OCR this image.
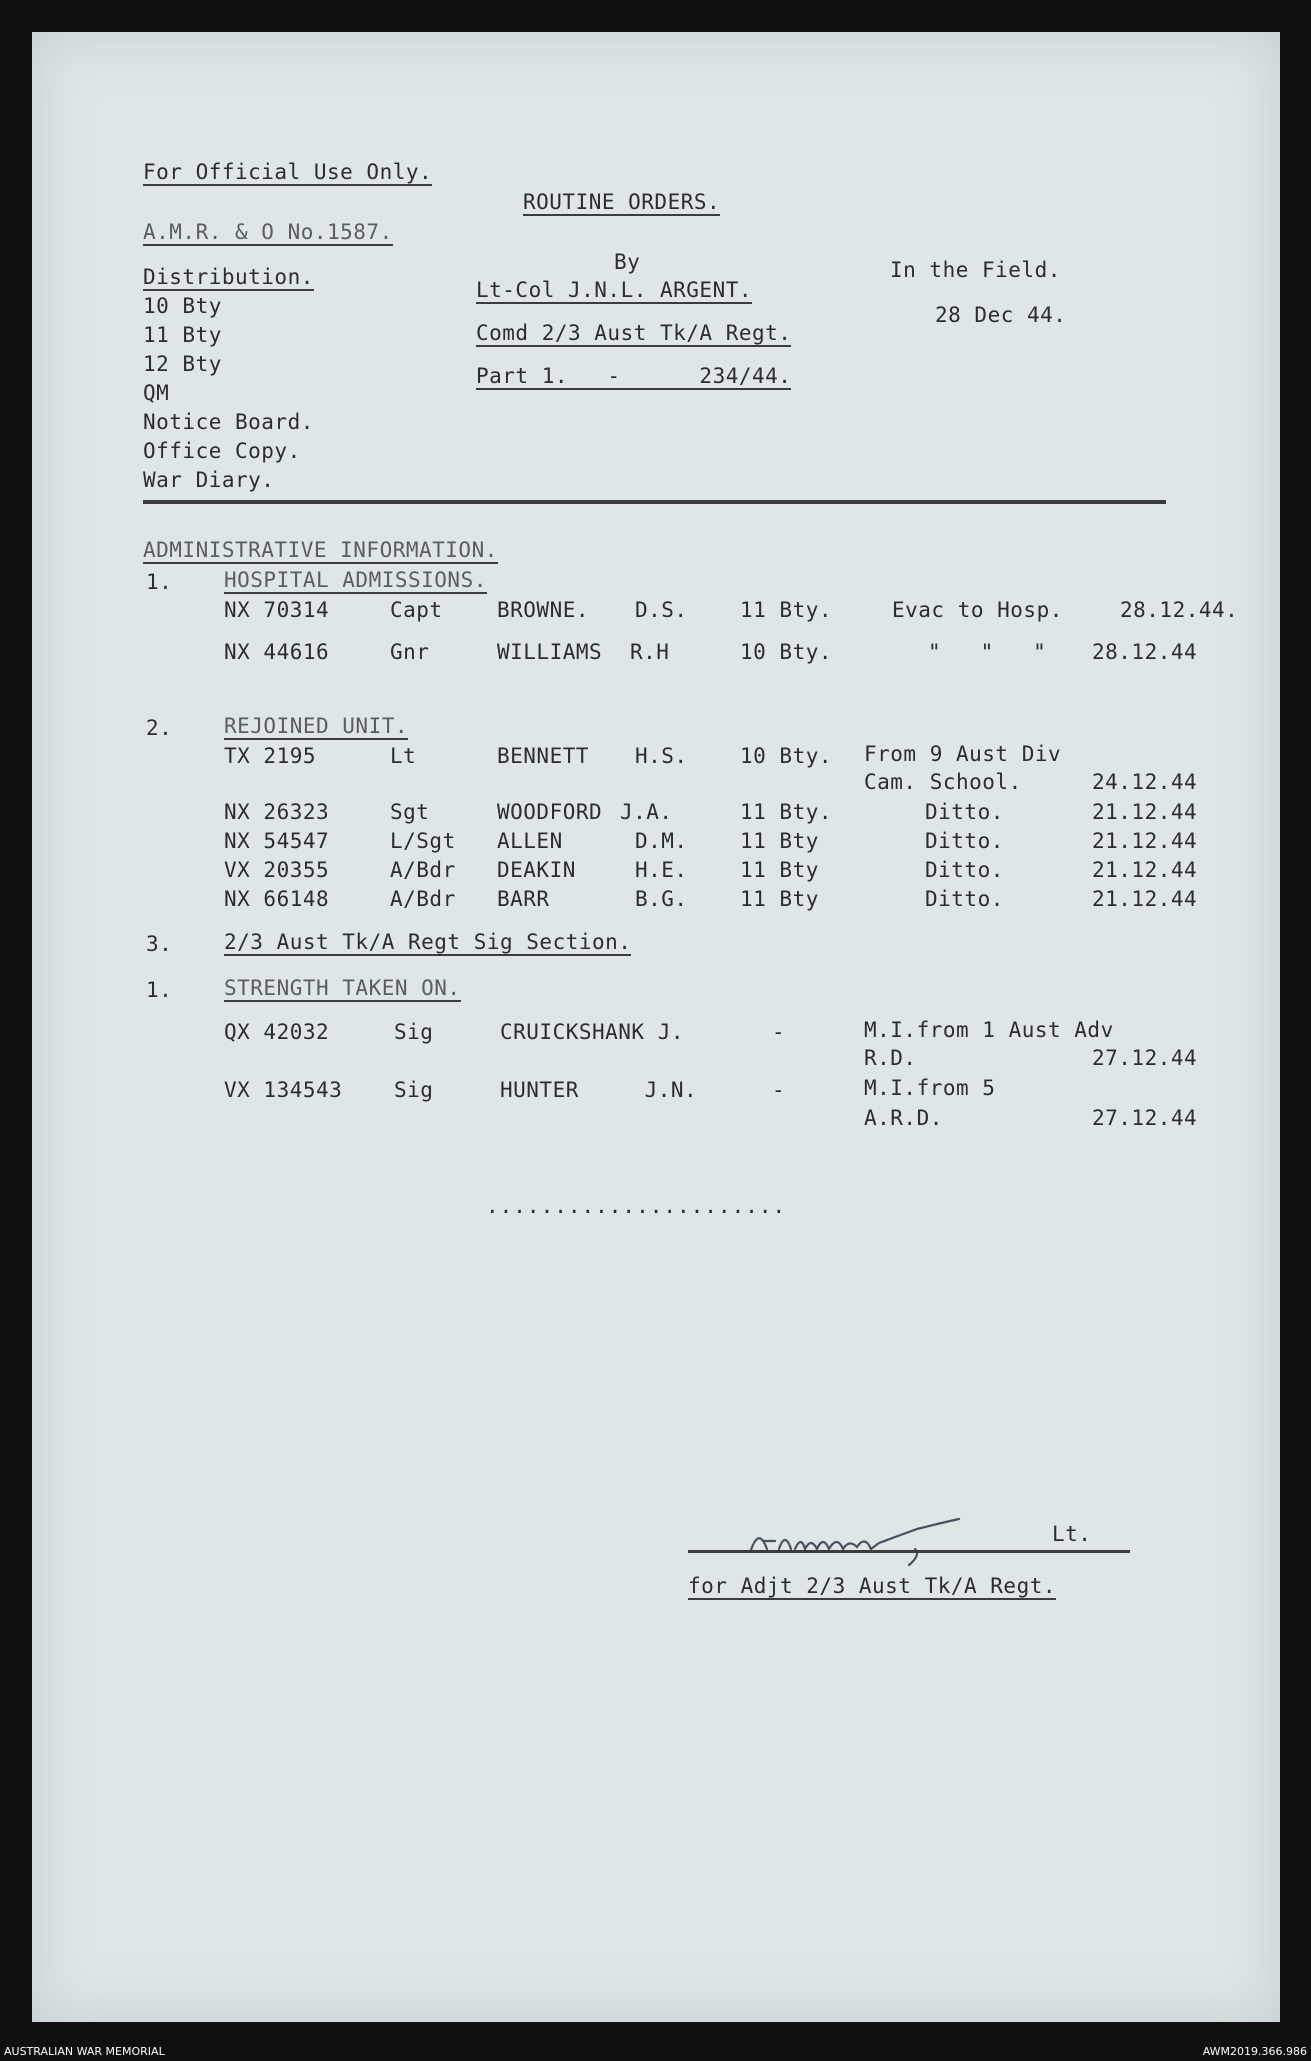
For Official Use Only.
ROUTINE ORDERS.
A.M.R. & O No.1587.
By	In the Field.
Lt-Col J.N.L. ARGENT.
28 Dec 44.
Comd 2/3 Aust Tk/A Regt.
Part 1.   -      234/44.
Distribution.
10 Bty
11 Bty
12 Bty
QM
Notice Board.
Office Copy.
War Diary.
ADMINISTRATIVE INFORMATION.
1. HOSPITAL ADMISSIONS.
NX 70314	Capt	BROWNE. D.S. 11 Bty.	Evac to Hosp.	28.12.44.
NX 44616	Gnr	WILLIAMS R.H	10 Bty.	"   "   " 28.12.44
2. REJOINED UNIT.
TX 2195	Lt	BENNETT H.S. 10 Bty. From 9 Aust Div
Cam. School.	24.12.44
NX 26323	Sgt	WOODFORD J.A.	11 Bty.	Ditto.	21.12.44
NX 54547	L/Sgt ALLEN	D.M. 11 Bty	Ditto.	21.12.44
VX 20355	A/Bdr DEAKIN	H.E. 11 Bty	Ditto.	21.12.44
NX 66148	A/Bdr BARR	B.G. 11 Bty	Ditto.	21.12.44
3. 2/3 Aust Tk/A Regt Sig Section.
1. STRENGTH TAKEN ON.
QX 42032	Sig	CRUICKSHANK J.	-	M.I.from 1 Aust Adv
R.D.	27.12.44
VX 134543 Sig	HUNTER     J.N.	-	M.I.from 5
A.R.D.	27.12.44
......................
Lt.
for Adjt 2/3 Aust Tk/A Regt.
AUSTRALIAN WAR MEMORIAL	AWM2019.366.986
